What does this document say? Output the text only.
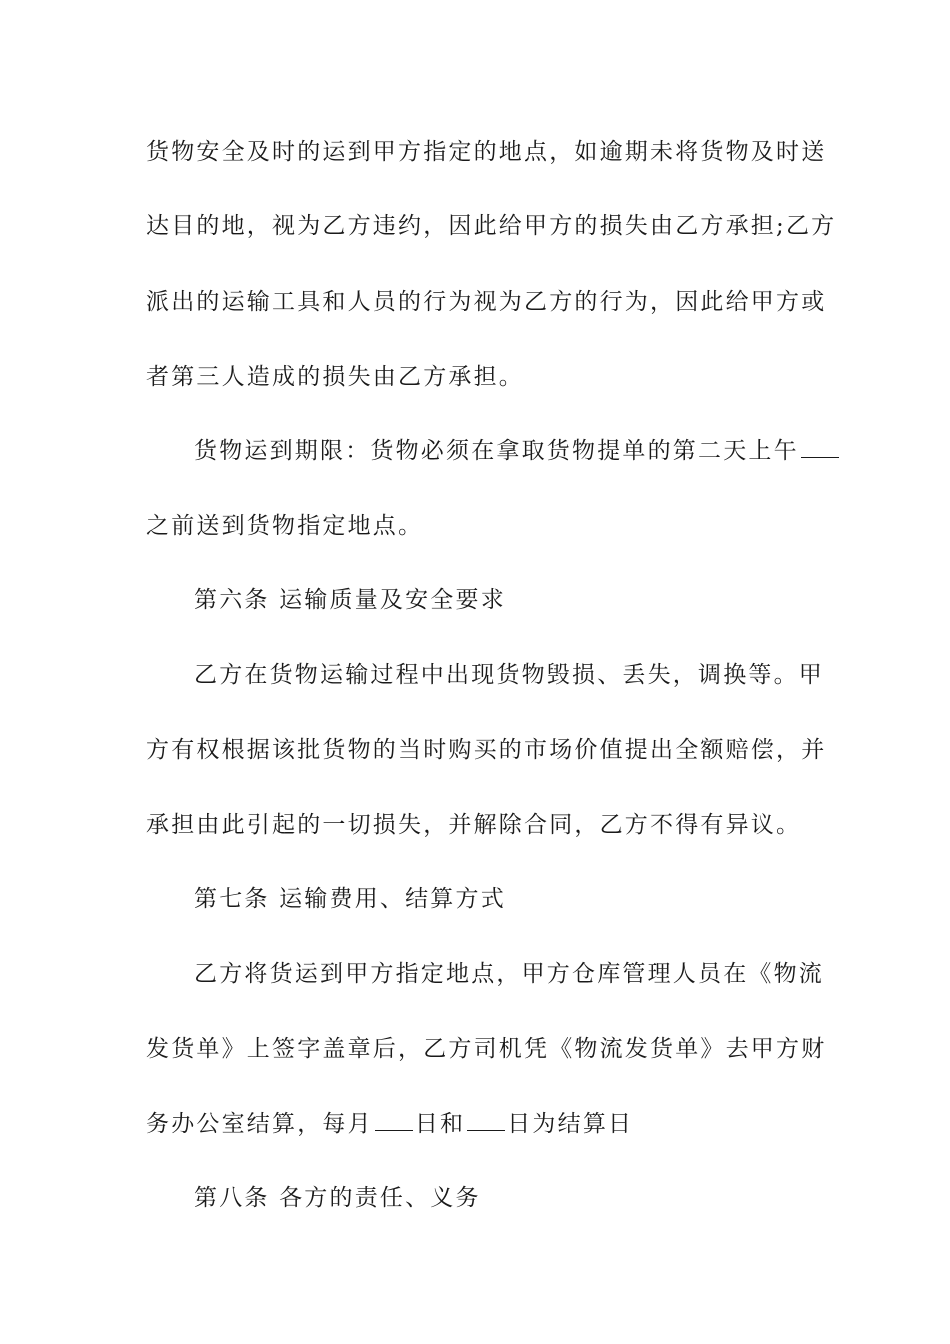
货物安全及时的运到甲方指定的地点，如逾期未将货物及时送
达目的地，视为乙方违约，因此给甲方的损失由乙方承担;乙方
派出的运输工具和人员的行为视为乙方的行为，因此给甲方或
者第三人造成的损失由乙方承担。
货物运到期限：货物必须在拿取货物提单的第二天上午
之前送到货物指定地点。
第六条 运输质量及安全要求
乙方在货物运输过程中出现货物毁损、丢失，调换等。甲
方有权根据该批货物的当时购买的市场价值提出全额赔偿，并
承担由此引起的一切损失，并解除合同，乙方不得有异议。
第七条 运输费用、结算方式
乙方将货运到甲方指定地点，甲方仓库管理人员在《物流
发货单》上签字盖章后，乙方司机凭《物流发货单》去甲方财
务办公室结算，每月 日和 日为结算日
第八条 各方的责任、义务
